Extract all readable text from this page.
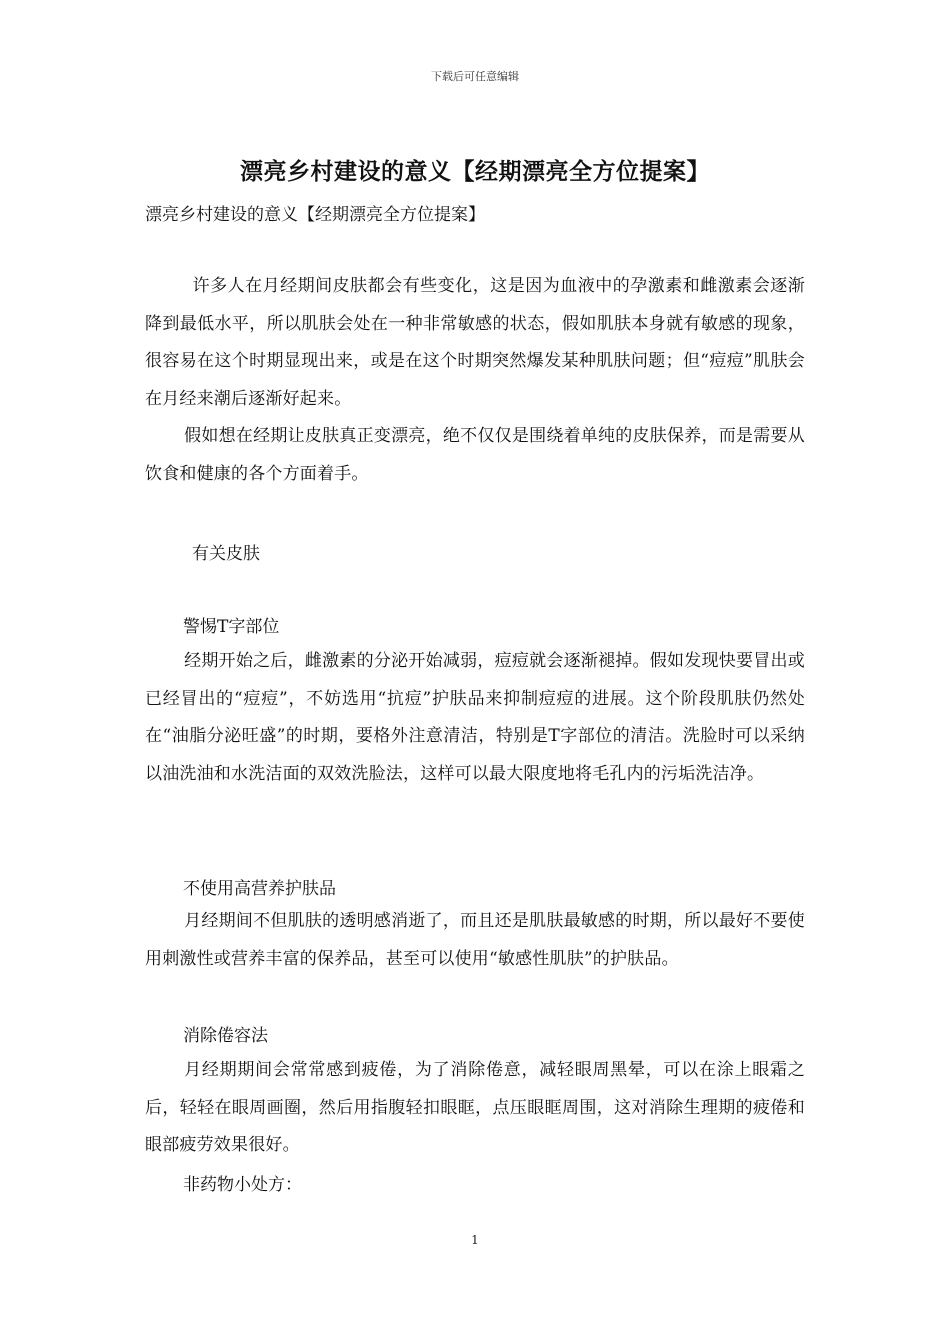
下载后可任意编辑
漂亮乡村建设的意义【经期漂亮全方位提案】

漂亮乡村建设的意义【经期漂亮全方位提案】

许多人在月经期间皮肤都会有些变化，这是因为血液中的孕激素和雌激素会逐渐降到最低水平，所以肌肤会处在一种非常敏感的状态，假如肌肤本身就有敏感的现象，很容易在这个时期显现出来，或是在这个时期突然爆发某种肌肤问题；但“痘痘”肌肤会在月经来潮后逐渐好起来。

假如想在经期让皮肤真正变漂亮，绝不仅仅是围绕着单纯的皮肤保养，而是需要从饮食和健康的各个方面着手。

有关皮肤

警惕T字部位

经期开始之后，雌激素的分泌开始减弱，痘痘就会逐渐褪掉。假如发现快要冒出或已经冒出的“痘痘”，不妨选用“抗痘”护肤品来抑制痘痘的进展。这个阶段肌肤仍然处在“油脂分泌旺盛”的时期，要格外注意清洁，特别是T字部位的清洁。洗脸时可以采纳以油洗油和水洗洁面的双效洗脸法，这样可以最大限度地将毛孔内的污垢洗洁净。

不使用高营养护肤品

月经期间不但肌肤的透明感消逝了，而且还是肌肤最敏感的时期，所以最好不要使用刺激性或营养丰富的保养品，甚至可以使用“敏感性肌肤”的护肤品。

消除倦容法

月经期期间会常常感到疲倦，为了消除倦意，减轻眼周黑晕，可以在涂上眼霜之后，轻轻在眼周画圈，然后用指腹轻扣眼眶，点压眼眶周围，这对消除生理期的疲倦和眼部疲劳效果很好。

非药物小处方：

1
